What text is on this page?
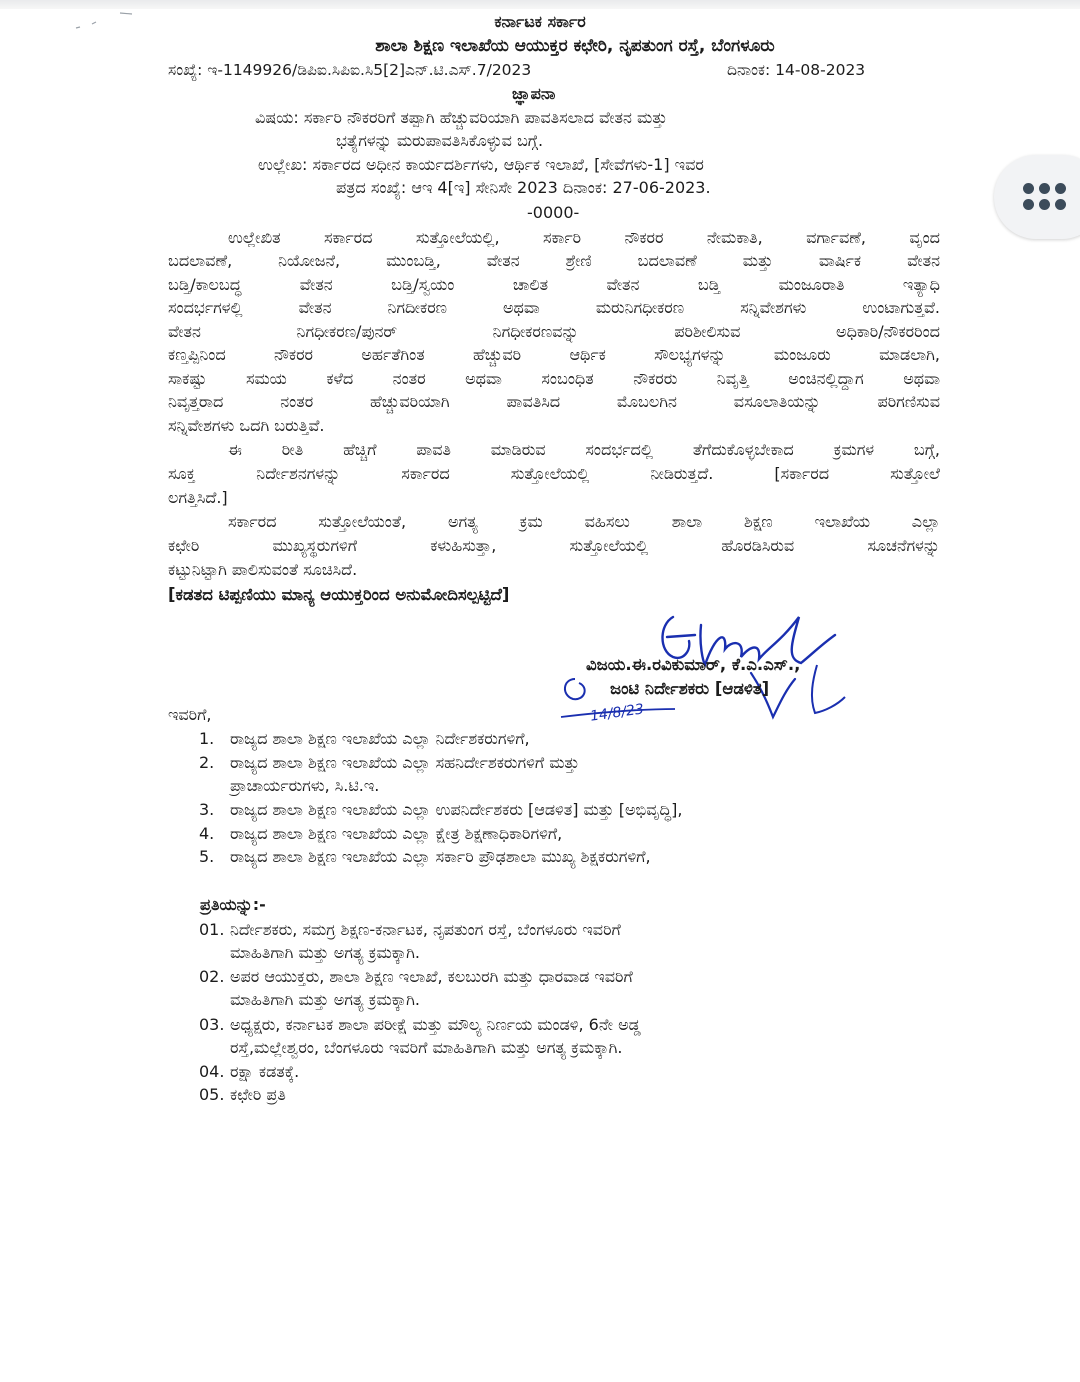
ಕರ್ನಾಟಕ ಸರ್ಕಾರ
ಶಾಲಾ ಶಿಕ್ಷಣ ಇಲಾಖೆಯ ಆಯುಕ್ತರ ಕಛೇರಿ, ನೃಪತುಂಗ ರಸ್ತೆ, ಬೆಂಗಳೂರು
ಸಂಖ್ಯೆ: ಇ-1149926/ಡಿಪಿಐ.ಸಿಪಿಐ.ಸಿ5[2]ಎನ್.ಟಿ.ಎಸ್.7/2023	ದಿನಾಂಕ: 14-08-2023
ಜ್ಞಾಪನಾ
ವಿಷಯ: ಸರ್ಕಾರಿ ನೌಕರರಿಗೆ ತಪ್ಪಾಗಿ ಹೆಚ್ಚುವರಿಯಾಗಿ ಪಾವತಿಸಲಾದ ವೇತನ ಮತ್ತು
ಭತ್ಯೆಗಳನ್ನು ಮರುಪಾವತಿಸಿಕೊಳ್ಳುವ ಬಗ್ಗೆ.
ಉಲ್ಲೇಖ: ಸರ್ಕಾರದ ಅಧೀನ ಕಾರ್ಯದರ್ಶಿಗಳು, ಆರ್ಥಿಕ ಇಲಾಖೆ, [ಸೇವೆಗಳು-1] ಇವರ
ಪತ್ರದ ಸಂಖ್ಯೆ: ಆಇ 4[ಇ] ಸೇನಿಸೇ 2023 ದಿನಾಂಕ: 27-06-2023.
-0000-
ಉಲ್ಲೇಖಿತ ಸರ್ಕಾರದ ಸುತ್ತೋಲೆಯಲ್ಲಿ, ಸರ್ಕಾರಿ ನೌಕರರ ನೇಮಕಾತಿ, ವರ್ಗಾವಣೆ, ವೃಂದ
ಬದಲಾವಣೆ, ನಿಯೋಜನೆ, ಮುಂಬಡ್ತಿ, ವೇತನ ಶ್ರೇಣಿ ಬದಲಾವಣೆ ಮತ್ತು ವಾರ್ಷಿಕ ವೇತನ
ಬಡ್ತಿ/ಕಾಲಬದ್ಧ ವೇತನ ಬಡ್ತಿ/ಸ್ವಯಂ ಚಾಲಿತ ವೇತನ ಬಡ್ತಿ ಮಂಜೂರಾತಿ ಇತ್ಯಾಧಿ
ಸಂದರ್ಭಗಳಲ್ಲಿ ವೇತನ ನಿಗದೀಕರಣ ಅಥವಾ ಮರುನಿಗಧೀಕರಣ ಸನ್ನಿವೇಶಗಳು ಉಂಟಾಗುತ್ತವೆ.
ವೇತನ ನಿಗಧೀಕರಣ/ಪುನರ್ ನಿಗಧೀಕರಣವನ್ನು ಪರಿಶೀಲಿಸುವ ಅಧಿಕಾರಿ/ನೌಕರರಿಂದ
ಕಣ್ತಪ್ಪಿನಿಂದ ನೌಕರರ ಅರ್ಹತೆಗಿಂತ ಹೆಚ್ಚುವರಿ ಆರ್ಥಿಕ ಸೌಲಭ್ಯಗಳನ್ನು ಮಂಜೂರು ಮಾಡಲಾಗಿ,
ಸಾಕಷ್ಟು ಸಮಯ ಕಳೆದ ನಂತರ ಅಥವಾ ಸಂಬಂಧಿತ ನೌಕರರು ನಿವೃತ್ತಿ ಅಂಚಿನಲ್ಲಿದ್ದಾಗ ಅಥವಾ
ನಿವೃತ್ತರಾದ ನಂತರ ಹೆಚ್ಚುವರಿಯಾಗಿ ಪಾವತಿಸಿದ ಮೊಬಲಗಿನ ವಸೂಲಾತಿಯನ್ನು ಪರಿಗಣಿಸುವ
ಸನ್ನಿವೇಶಗಳು ಒದಗಿ ಬರುತ್ತಿವೆ.
ಈ ರೀತಿ ಹೆಚ್ಚಿಗೆ ಪಾವತಿ ಮಾಡಿರುವ ಸಂದರ್ಭದಲ್ಲಿ ತೆಗೆದುಕೊಳ್ಳಬೇಕಾದ ಕ್ರಮಗಳ ಬಗ್ಗೆ,
ಸೂಕ್ತ ನಿರ್ದೇಶನಗಳನ್ನು ಸರ್ಕಾರದ ಸುತ್ತೋಲೆಯಲ್ಲಿ ನೀಡಿರುತ್ತದೆ. [ಸರ್ಕಾರದ ಸುತ್ತೋಲೆ
ಲಗತ್ತಿಸಿದೆ.]
ಸರ್ಕಾರದ ಸುತ್ತೋಲೆಯಂತೆ, ಅಗತ್ಯ ಕ್ರಮ ವಹಿಸಲು ಶಾಲಾ ಶಿಕ್ಷಣ ಇಲಾಖೆಯ ಎಲ್ಲಾ
ಕಛೇರಿ ಮುಖ್ಯಸ್ಥರುಗಳಿಗೆ ಕಳುಹಿಸುತ್ತಾ, ಸುತ್ತೋಲೆಯಲ್ಲಿ ಹೊರಡಿಸಿರುವ ಸೂಚನೆಗಳನ್ನು
ಕಟ್ಟುನಿಟ್ಟಾಗಿ ಪಾಲಿಸುವಂತೆ ಸೂಚಿಸಿದೆ.
[ಕಡತದ ಟಿಪ್ಪಣಿಯು ಮಾನ್ಯ ಆಯುಕ್ತರಿಂದ ಅನುಮೋದಿಸಲ್ಪಟ್ಟಿದೆ]
ವಿಜಯ.ಈ.ರವಿಕುಮಾರ್, ಕೆ.ಎ.ಎಸ್.,
ಜಂಟಿ ನಿರ್ದೇಶಕರು [ಆಡಳಿತ]
14/8/23
ಇವರಿಗೆ,
1. ರಾಜ್ಯದ ಶಾಲಾ ಶಿಕ್ಷಣ ಇಲಾಖೆಯ ಎಲ್ಲಾ ನಿರ್ದೇಶಕರುಗಳಿಗೆ,
2. ರಾಜ್ಯದ ಶಾಲಾ ಶಿಕ್ಷಣ ಇಲಾಖೆಯ ಎಲ್ಲಾ ಸಹನಿರ್ದೇಶಕರುಗಳಿಗೆ ಮತ್ತು
ಪ್ರಾಚಾರ್ಯರುಗಳು, ಸಿ.ಟಿ.ಇ.
3. ರಾಜ್ಯದ ಶಾಲಾ ಶಿಕ್ಷಣ ಇಲಾಖೆಯ ಎಲ್ಲಾ ಉಪನಿರ್ದೇಶಕರು [ಆಡಳಿತ] ಮತ್ತು [ಅಭಿವೃದ್ಧಿ],
4. ರಾಜ್ಯದ ಶಾಲಾ ಶಿಕ್ಷಣ ಇಲಾಖೆಯ ಎಲ್ಲಾ ಕ್ಷೇತ್ರ ಶಿಕ್ಷಣಾಧಿಕಾರಿಗಳಿಗೆ,
5. ರಾಜ್ಯದ ಶಾಲಾ ಶಿಕ್ಷಣ ಇಲಾಖೆಯ ಎಲ್ಲಾ ಸರ್ಕಾರಿ ಪ್ರೌಢಶಾಲಾ ಮುಖ್ಯ ಶಿಕ್ಷಕರುಗಳಿಗೆ,
ಪ್ರತಿಯನ್ನು:-
01. ನಿರ್ದೇಶಕರು, ಸಮಗ್ರ ಶಿಕ್ಷಣ-ಕರ್ನಾಟಕ, ನೃಪತುಂಗ ರಸ್ತೆ, ಬೆಂಗಳೂರು ಇವರಿಗೆ
ಮಾಹಿತಿಗಾಗಿ ಮತ್ತು ಅಗತ್ಯ ಕ್ರಮಕ್ಕಾಗಿ.
02. ಅಪರ ಆಯುಕ್ತರು, ಶಾಲಾ ಶಿಕ್ಷಣ ಇಲಾಖೆ, ಕಲಬುರಗಿ ಮತ್ತು ಧಾರವಾಡ ಇವರಿಗೆ
ಮಾಹಿತಿಗಾಗಿ ಮತ್ತು ಅಗತ್ಯ ಕ್ರಮಕ್ಕಾಗಿ.
03. ಅಧ್ಯಕ್ಷರು, ಕರ್ನಾಟಕ ಶಾಲಾ ಪರೀಕ್ಷೆ ಮತ್ತು ಮೌಲ್ಯ ನಿರ್ಣಯ ಮಂಡಳಿ, 6ನೇ ಅಡ್ಡ
ರಸ್ತೆ,ಮಲ್ಲೇಶ್ವರಂ, ಬೆಂಗಳೂರು ಇವರಿಗೆ ಮಾಹಿತಿಗಾಗಿ ಮತ್ತು ಅಗತ್ಯ ಕ್ರಮಕ್ಕಾಗಿ.
04. ರಕ್ಷಾ ಕಡತಕ್ಕೆ.
05. ಕಛೇರಿ ಪ್ರತಿ
